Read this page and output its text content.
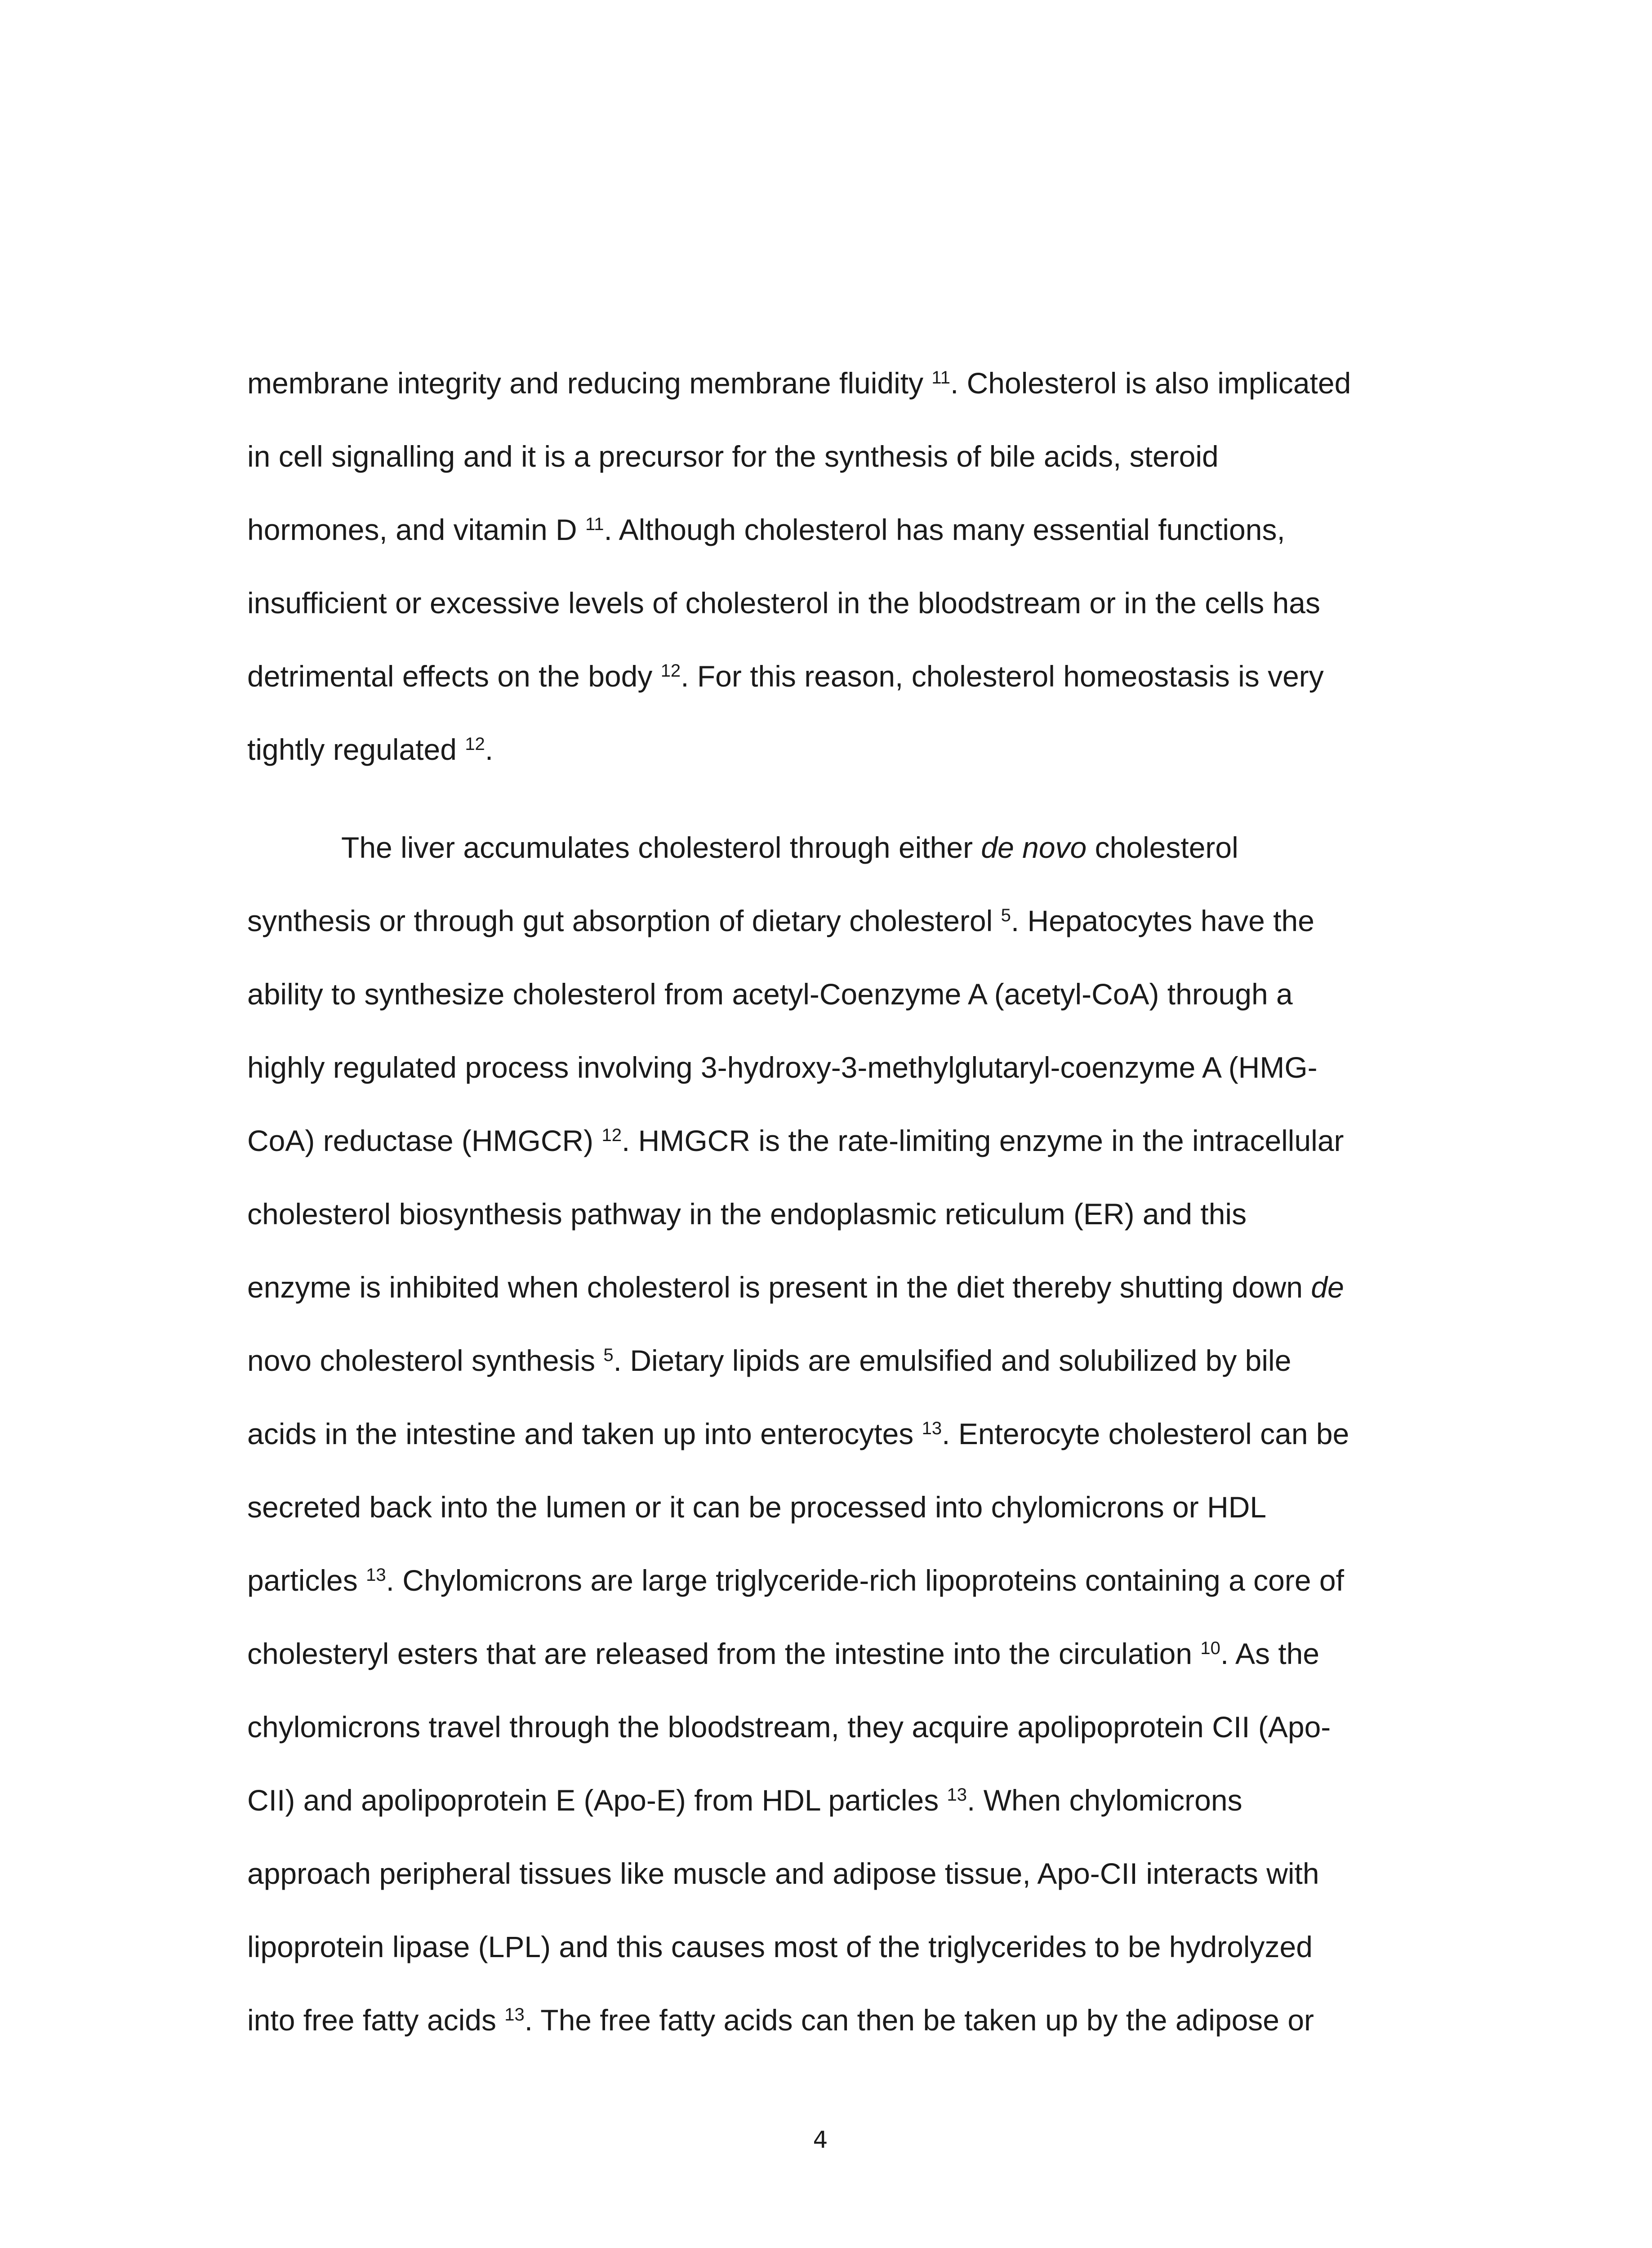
membrane integrity and reducing membrane fluidity $^{11}$. Cholesterol is also implicated

in cell signalling and it is a precursor for the synthesis of bile acids, steroid

hormones, and vitamin D $^{11}$. Although cholesterol has many essential functions,

insufficient or excessive levels of cholesterol in the bloodstream or in the cells has

detrimental effects on the body $^{12}$. For this reason, cholesterol homeostasis is very

tightly regulated $^{12}$.

The liver accumulates cholesterol through either de novo cholesterol

synthesis or through gut absorption of dietary cholesterol $^5$. Hepatocytes have the

ability to synthesize cholesterol from acetyl-Coenzyme A (acetyl-CoA) through a

highly regulated process involving 3-hydroxy-3-methylglutaryl-coenzyme A (HMG-

CoA) reductase (HMGCR) $^{12}$. HMGCR is the rate-limiting enzyme in the intracellular

cholesterol biosynthesis pathway in the endoplasmic reticulum (ER) and this

enzyme is inhibited when cholesterol is present in the diet thereby shutting down de

novo cholesterol synthesis $^5$. Dietary lipids are emulsified and solubilized by bile

acids in the intestine and taken up into enterocytes $^{13}$. Enterocyte cholesterol can be

secreted back into the lumen or it can be processed into chylomicrons or HDL

particles $^{13}$. Chylomicrons are large triglyceride-rich lipoproteins containing a core of

cholesteryl esters that are released from the intestine into the circulation $^{10}$. As the

chylomicrons travel through the bloodstream, they acquire apolipoprotein CII (Apo-

CII) and apolipoprotein E (Apo-E) from HDL particles $^{13}$. When chylomicrons

approach peripheral tissues like muscle and adipose tissue, Apo-CII interacts with

lipoprotein lipase (LPL) and this causes most of the triglycerides to be hydrolyzed

into free fatty acids $^{13}$. The free fatty acids can then be taken up by the adipose or

4
